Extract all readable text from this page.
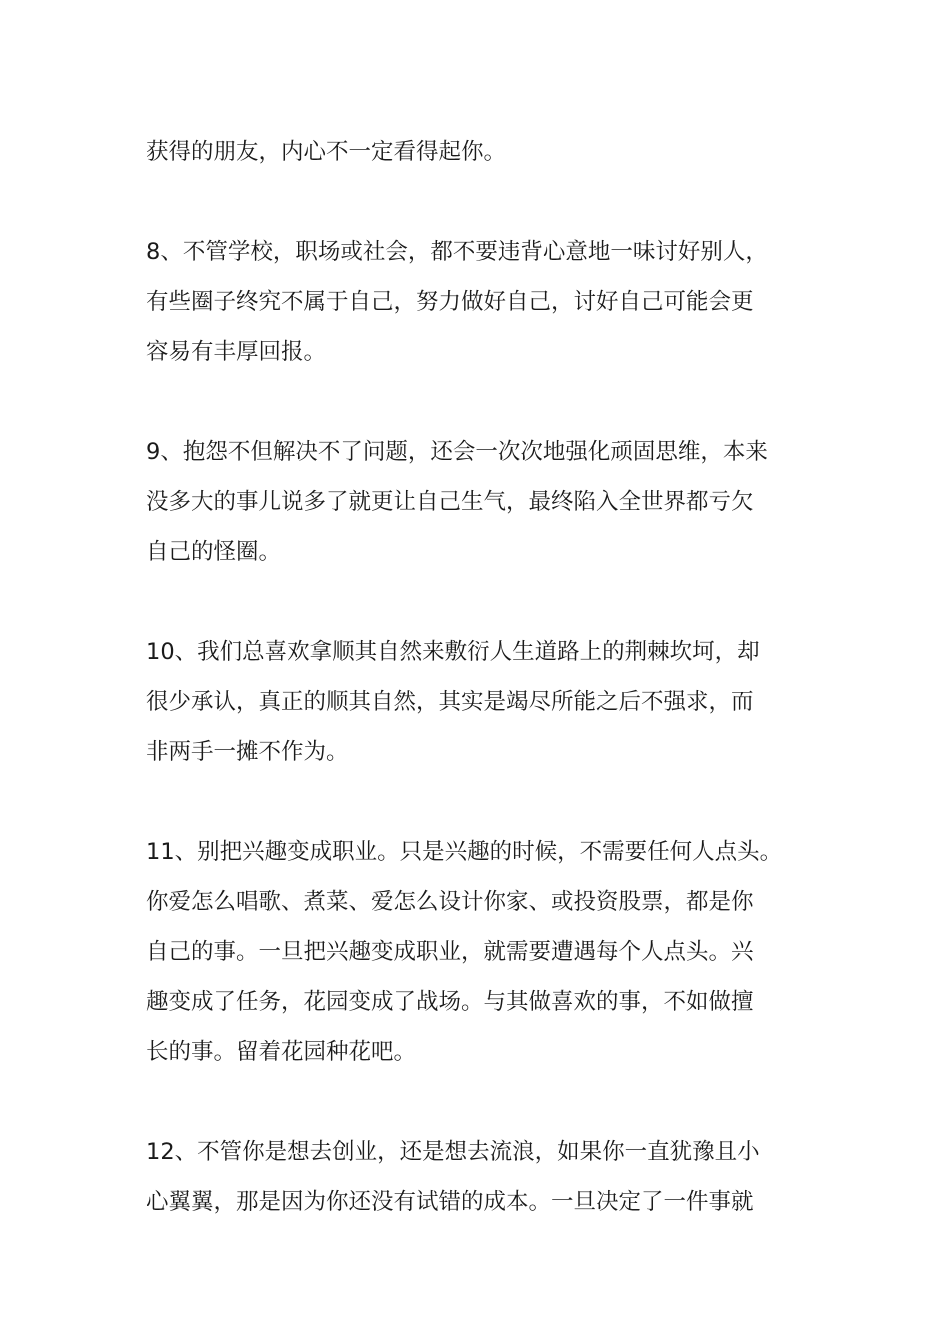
获得的朋友，内心不一定看得起你。

8、不管学校，职场或社会，都不要违背心意地一味讨好别人，
有些圈子终究不属于自己，努力做好自己，讨好自己可能会更
容易有丰厚回报。

9、抱怨不但解决不了问题，还会一次次地强化顽固思维，本来
没多大的事儿说多了就更让自己生气，最终陷入全世界都亏欠
自己的怪圈。

10、我们总喜欢拿顺其自然来敷衍人生道路上的荆棘坎坷，却
很少承认，真正的顺其自然，其实是竭尽所能之后不强求，而
非两手一摊不作为。

11、别把兴趣变成职业。只是兴趣的时候，不需要任何人点头。
你爱怎么唱歌、煮菜、爱怎么设计你家、或投资股票，都是你
自己的事。一旦把兴趣变成职业，就需要遭遇每个人点头。兴
趣变成了任务，花园变成了战场。与其做喜欢的事，不如做擅
长的事。留着花园种花吧。

12、不管你是想去创业，还是想去流浪，如果你一直犹豫且小
心翼翼，那是因为你还没有试错的成本。一旦决定了一件事就
